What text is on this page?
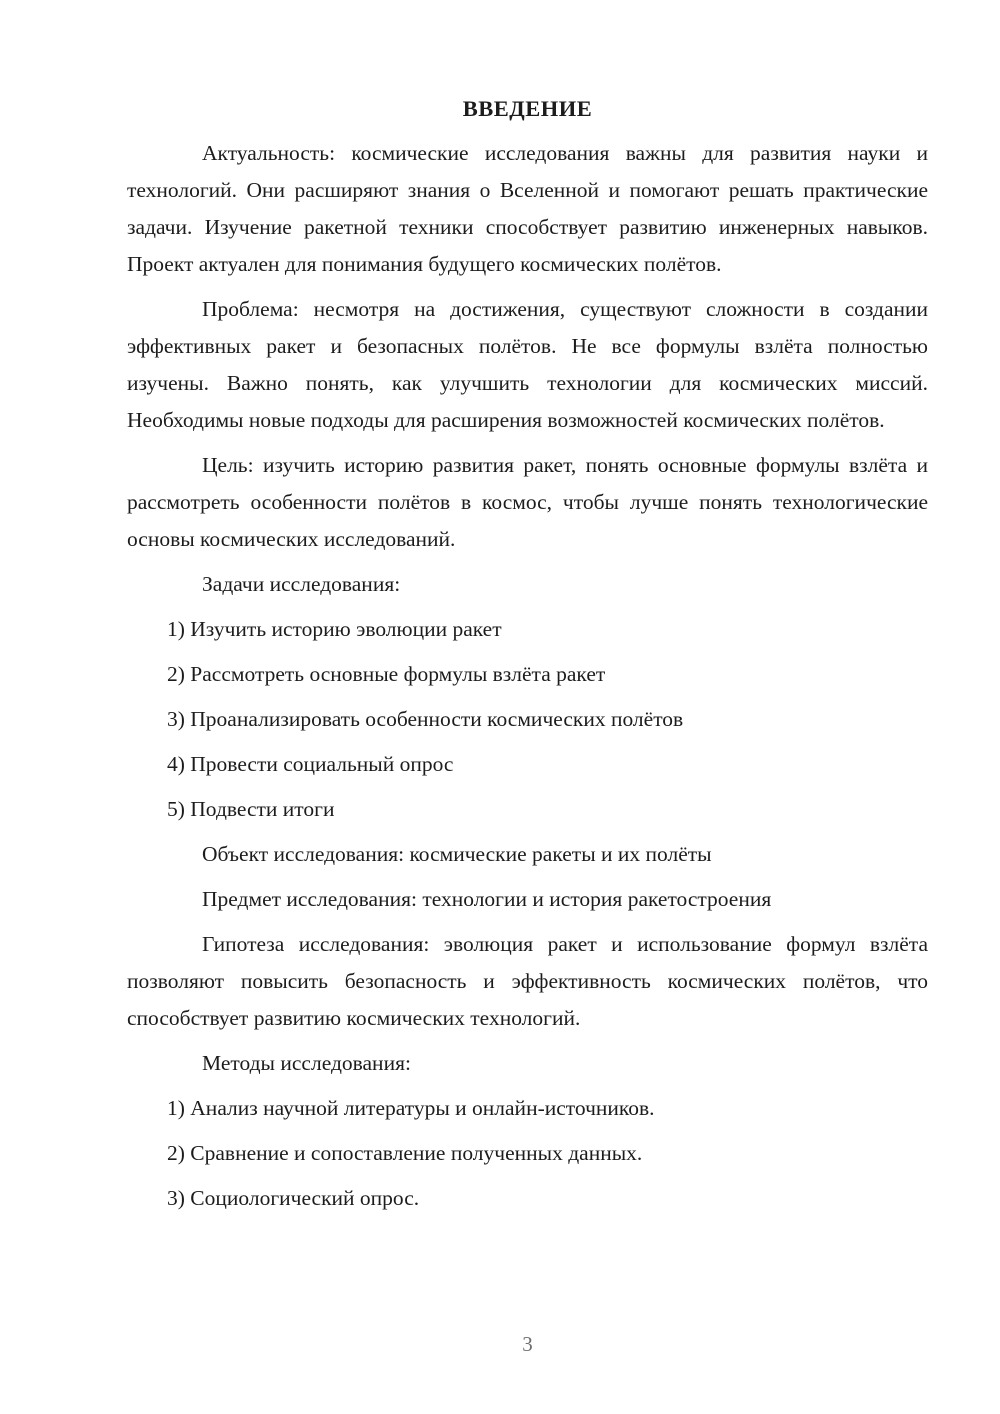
ВВЕДЕНИЕ

Актуальность: космические исследования важны для развития науки и технологий. Они расширяют знания о Вселенной и помогают решать практические задачи. Изучение ракетной техники способствует развитию инженерных навыков. Проект актуален для понимания будущего космических полётов.

Проблема: несмотря на достижения, существуют сложности в создании эффективных ракет и безопасных полётов. Не все формулы взлёта полностью изучены. Важно понять, как улучшить технологии для космических миссий. Необходимы новые подходы для расширения возможностей космических полётов.

Цель: изучить историю развития ракет, понять основные формулы взлёта и рассмотреть особенности полётов в космос, чтобы лучше понять технологические основы космических исследований.

Задачи исследования:

1) Изучить историю эволюции ракет

2) Рассмотреть основные формулы взлёта ракет

3) Проанализировать особенности космических полётов

4) Провести социальный опрос

5) Подвести итоги

Объект исследования: космические ракеты и их полёты

Предмет исследования: технологии и история ракетостроения

Гипотеза исследования: эволюция ракет и использование формул взлёта позволяют повысить безопасность и эффективность космических полётов, что способствует развитию космических технологий.

Методы исследования:

1) Анализ научной литературы и онлайн-источников.

2) Сравнение и сопоставление полученных данных.

3) Социологический опрос.

3
